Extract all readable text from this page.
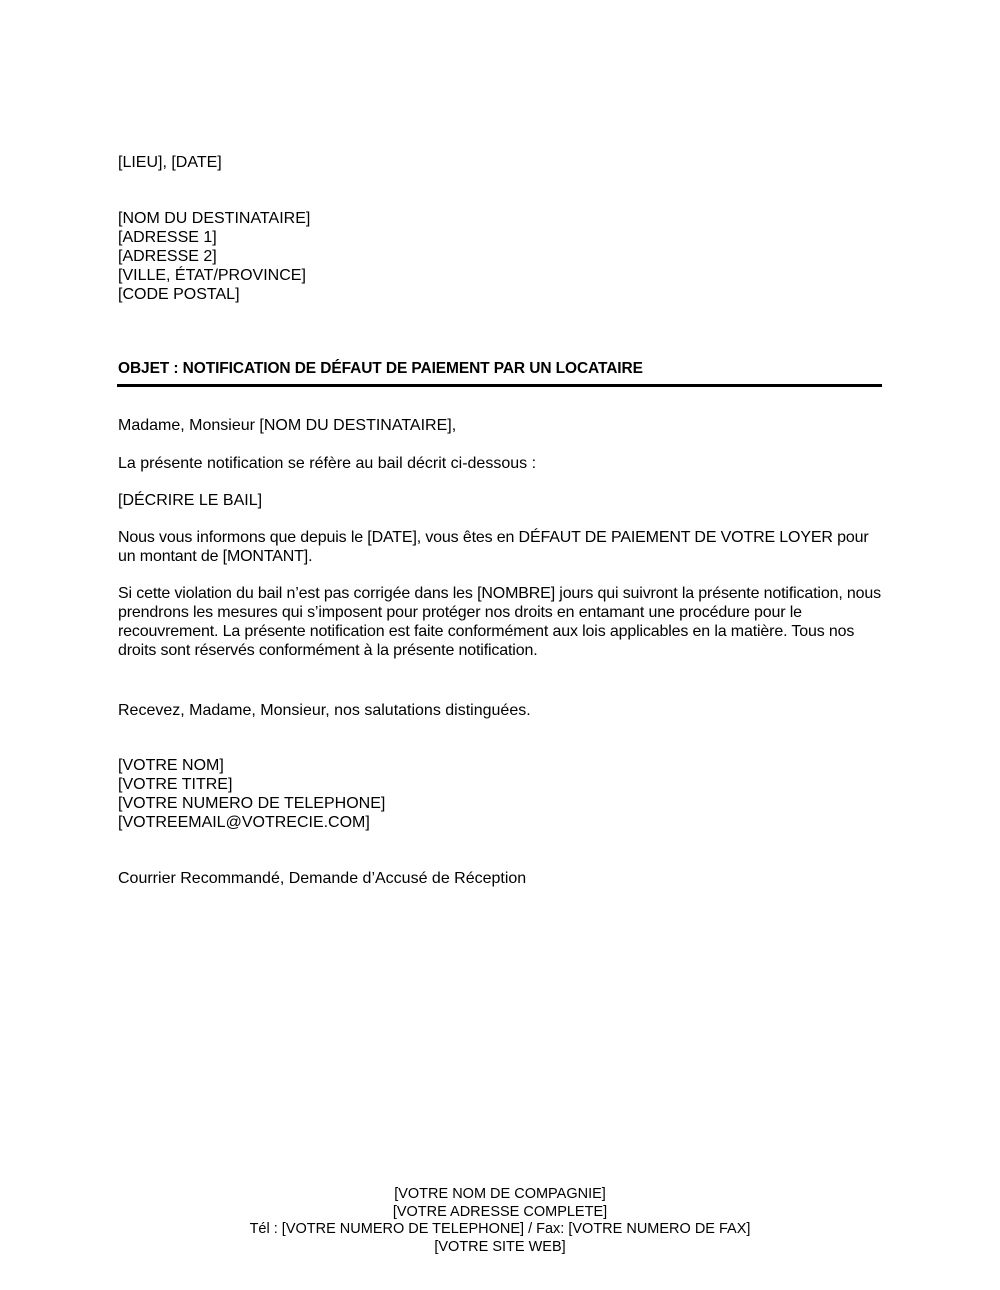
[LIEU], [DATE]
[NOM DU DESTINATAIRE]
[ADRESSE 1]
[ADRESSE 2]
[VILLE, ÉTAT/PROVINCE]
[CODE POSTAL]
OBJET : NOTIFICATION DE DÉFAUT DE PAIEMENT PAR UN LOCATAIRE
Madame, Monsieur [NOM DU DESTINATAIRE],
La présente notification se réfère au bail décrit ci-dessous :
[DÉCRIRE LE BAIL]
Nous vous informons que depuis le [DATE], vous êtes en DÉFAUT DE PAIEMENT DE VOTRE LOYER pour un montant de [MONTANT].
Si cette violation du bail n’est pas corrigée dans les [NOMBRE] jours qui suivront la présente notification, nous prendrons les mesures qui s’imposent pour protéger nos droits en entamant une procédure pour le recouvrement. La présente notification est faite conformément aux lois applicables en la matière. Tous nos droits sont réservés conformément à la présente notification.
Recevez, Madame, Monsieur, nos salutations distinguées.
[VOTRE NOM]
[VOTRE TITRE]
[VOTRE NUMERO DE TELEPHONE]
[VOTREEMAIL@VOTRECIE.COM]
Courrier Recommandé, Demande d’Accusé de Réception
[VOTRE NOM DE COMPAGNIE]
[VOTRE ADRESSE COMPLETE]
Tél : [VOTRE NUMERO DE TELEPHONE] / Fax: [VOTRE NUMERO DE FAX]
[VOTRE SITE WEB]
